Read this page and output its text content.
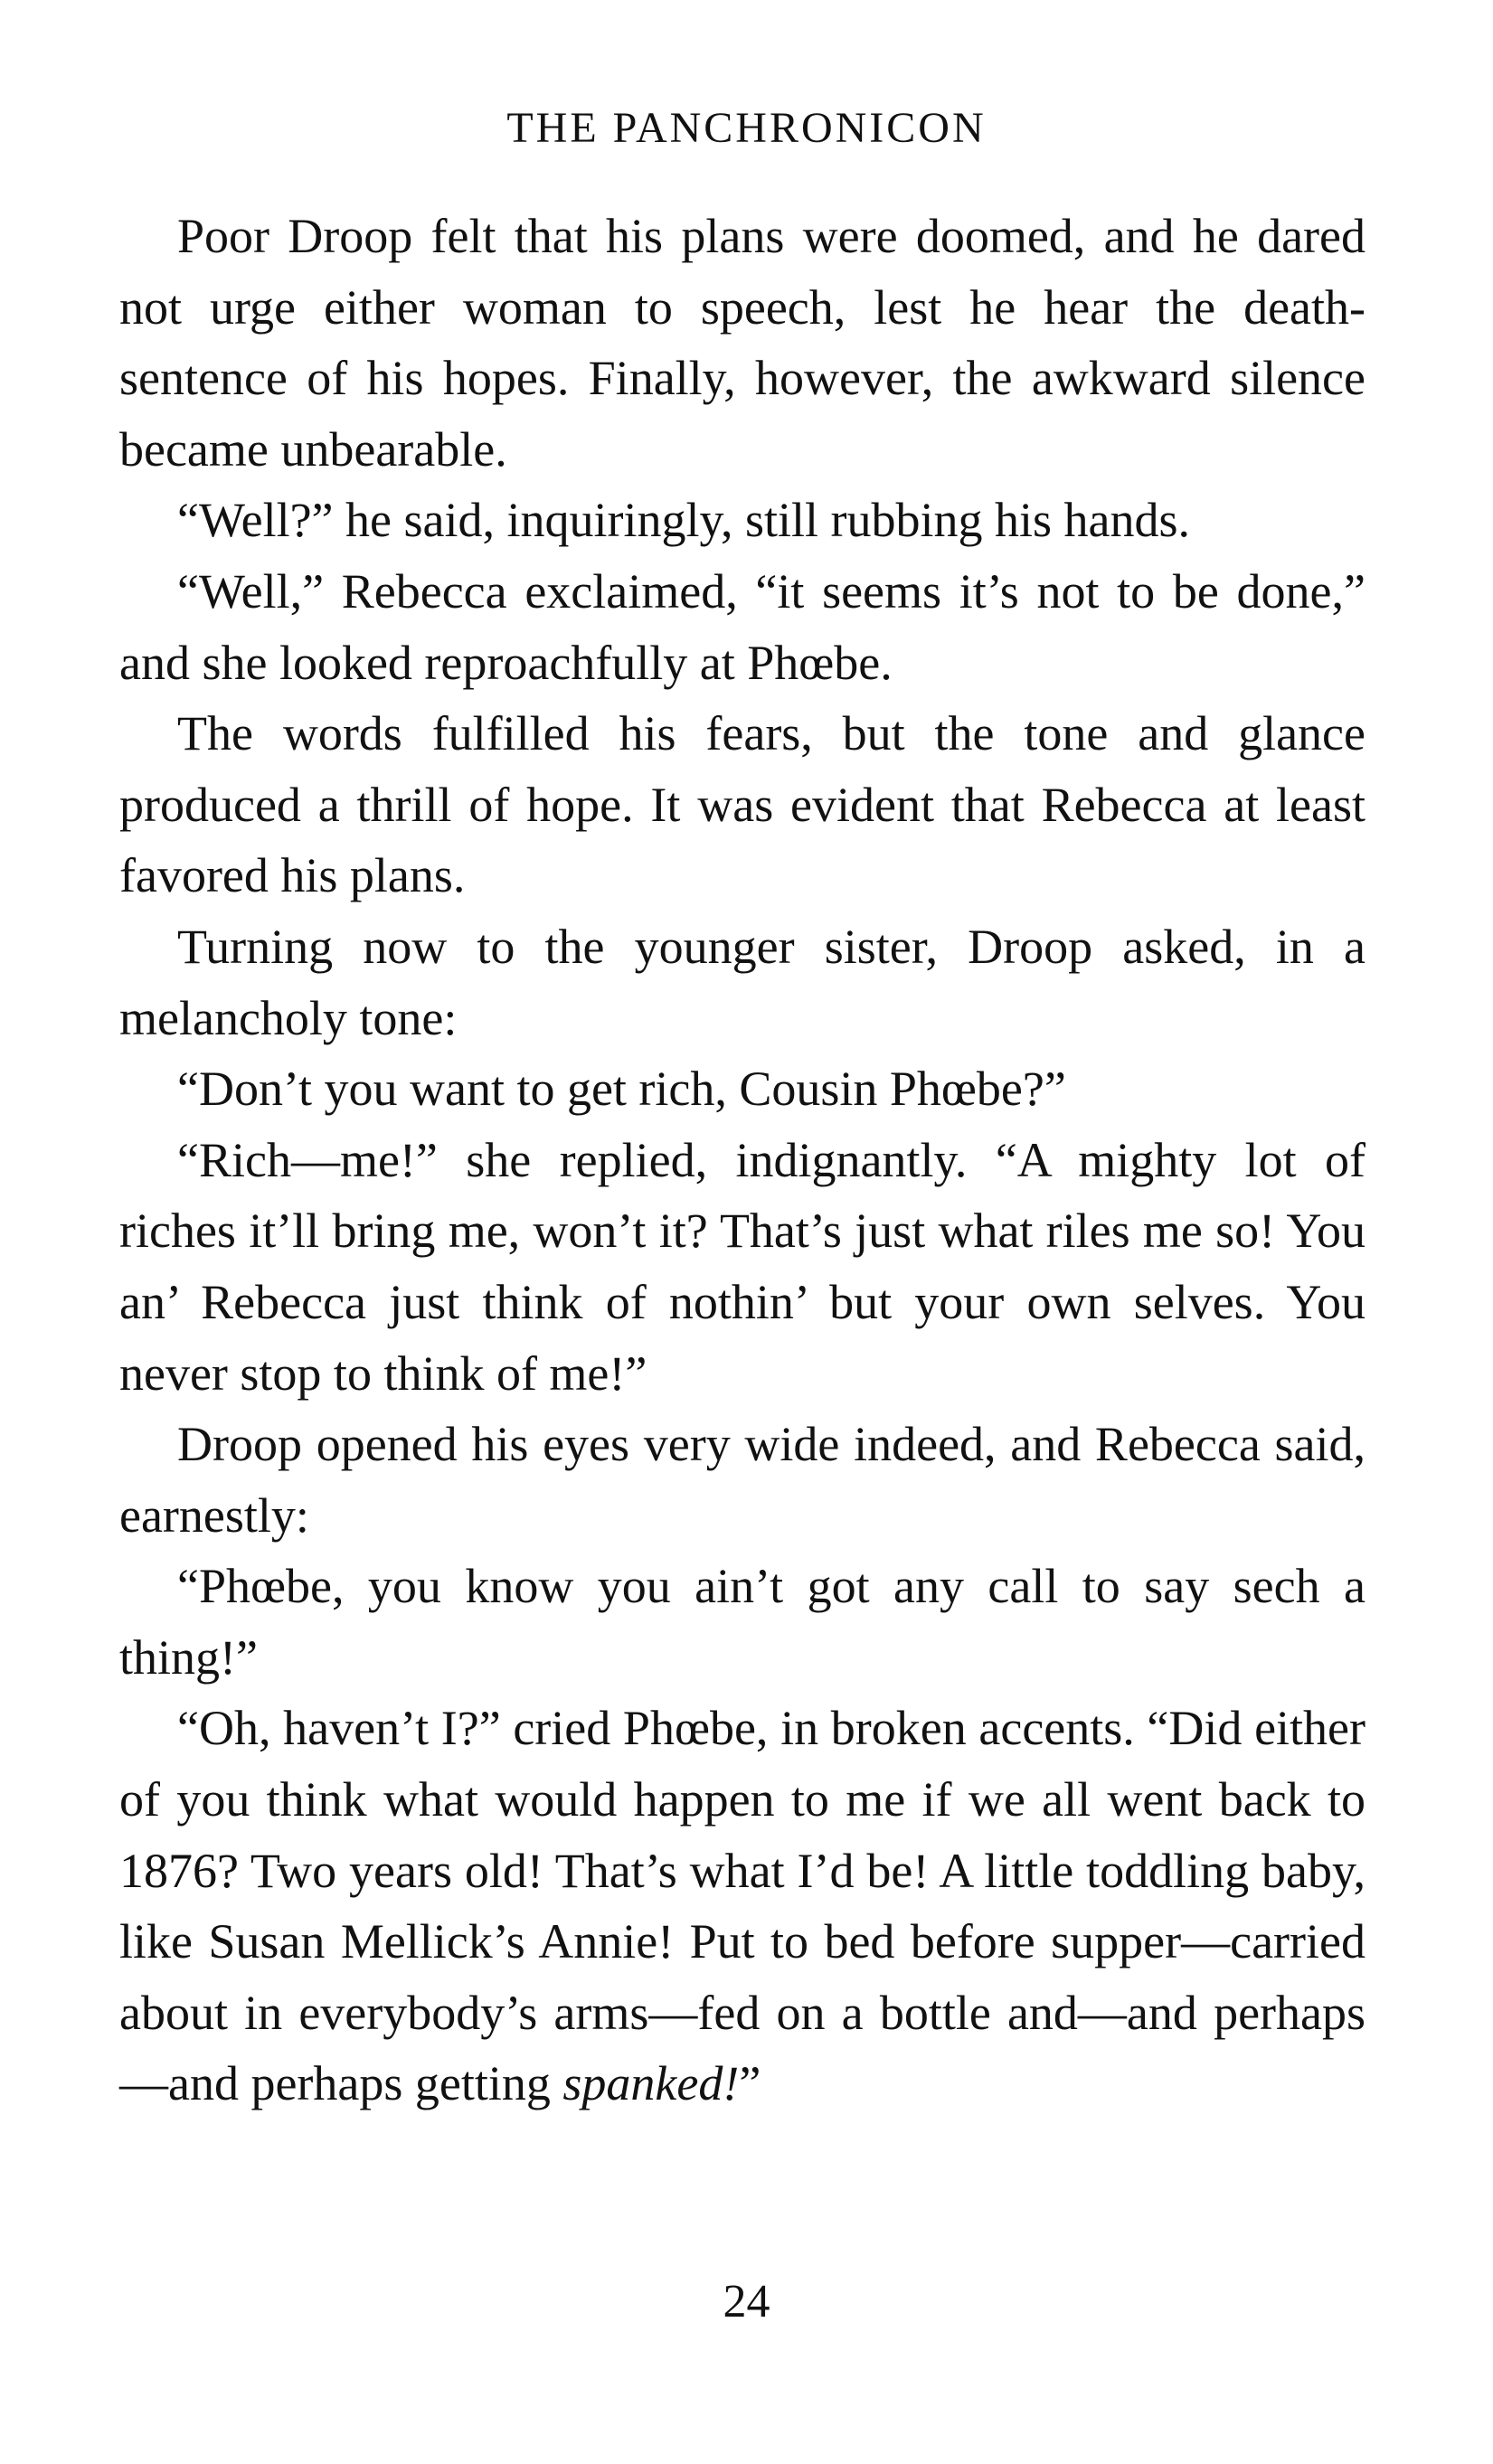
THE PANCHRONICON

Poor Droop felt that his plans were doomed, and he dared not urge either woman to speech, lest he hear the death-sentence of his hopes. Finally, however, the awkward silence became unbearable.

“Well?” he said, inquiringly, still rubbing his hands.

“Well,” Rebecca exclaimed, “it seems it’s not to be done,” and she looked reproachfully at Phœbe.

The words fulfilled his fears, but the tone and glance produced a thrill of hope. It was evident that Rebecca at least favored his plans.

Turning now to the younger sister, Droop asked, in a melancholy tone:

“Don’t you want to get rich, Cousin Phœbe?”

“Rich—me!” she replied, indignantly. “A mighty lot of riches it’ll bring me, won’t it? That’s just what riles me so! You an’ Rebecca just think of nothin’ but your own selves. You never stop to think of me!”

Droop opened his eyes very wide indeed, and Rebecca said, earnestly:

“Phœbe, you know you ain’t got any call to say sech a thing!”

“Oh, haven’t I?” cried Phœbe, in broken accents. “Did either of you think what would happen to me if we all went back to 1876? Two years old! That’s what I’d be! A little toddling baby, like Susan Mellick’s Annie! Put to bed before supper—carried about in everybody’s arms—fed on a bottle and—and perhaps—and perhaps getting spanked!”

24
